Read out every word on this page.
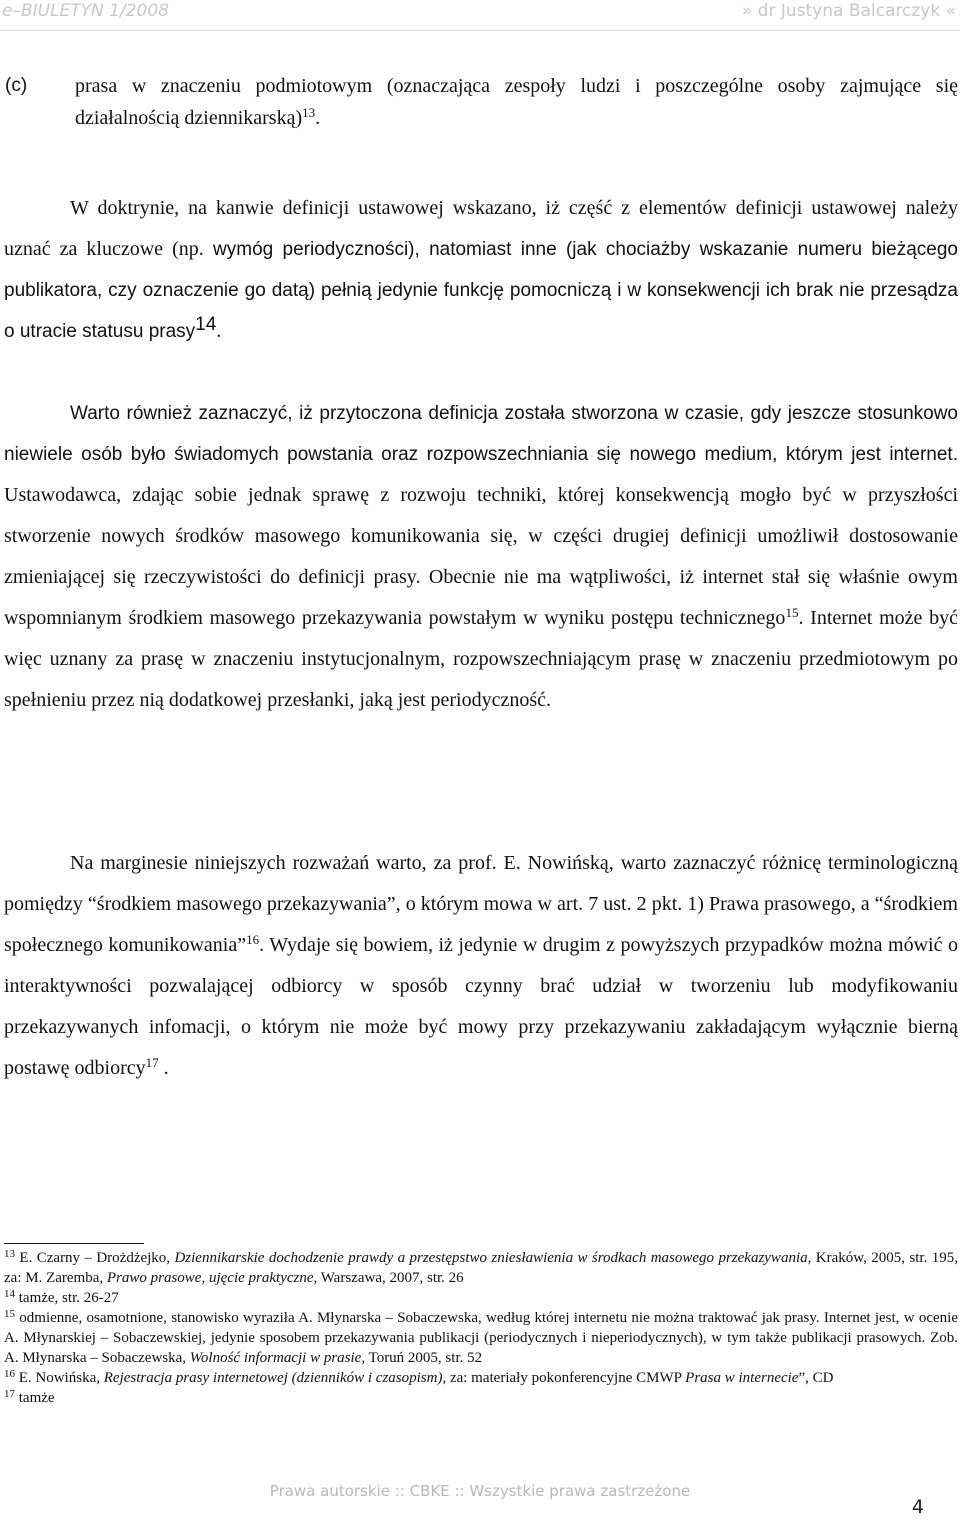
e–BIULETYN 1/2008	» dr Justyna Balcarczyk «
(c) prasa w znaczeniu podmiotowym (oznaczająca zespoły ludzi i poszczególne osoby zajmujące się działalnością dziennikarską)$^{13}$.
W doktrynie, na kanwie definicji ustawowej wskazano, iż część z elementów definicji ustawowej należy uznać za kluczowe (np. wymóg periodyczności), natomiast inne (jak chociażby wskazanie numeru bieżącego publikatora, czy oznaczenie go datą) pełnią jedynie funkcję pomocniczą i w konsekwencji ich brak nie przesądza o utracie statusu prasy$^{14}$.
Warto również zaznaczyć, iż przytoczona definicja została stworzona w czasie, gdy jeszcze stosunkowo niewiele osób było świadomych powstania oraz rozpowszechniania się nowego medium, którym jest internet. Ustawodawca, zdając sobie jednak sprawę z rozwoju techniki, której konsekwencją mogło być w przyszłości stworzenie nowych środków masowego komunikowania się, w części drugiej definicji umożliwił dostosowanie zmieniającej się rzeczywistości do definicji prasy. Obecnie nie ma wątpliwości, iż internet stał się właśnie owym wspomnianym środkiem masowego przekazywania powstałym w wyniku postępu technicznego$^{15}$. Internet może być więc uznany za prasę w znaczeniu instytucjonalnym, rozpowszechniającym prasę w znaczeniu przedmiotowym po spełnieniu przez nią dodatkowej przesłanki, jaką jest periodyczność.
Na marginesie niniejszych rozważań warto, za prof. E. Nowińską, warto zaznaczyć różnicę terminologiczną pomiędzy “środkiem masowego przekazywania”, o którym mowa w art. 7 ust. 2 pkt. 1) Prawa prasowego, a “środkiem społecznego komunikowania”$^{16}$. Wydaje się bowiem, iż jedynie w drugim z powyższych przypadków można mówić o interaktywności pozwalającej odbiorcy w sposób czynny brać udział w tworzeniu lub modyfikowaniu przekazywanych infomacji, o którym nie może być mowy przy przekazywaniu zakładającym wyłącznie bierną postawę odbiorcy$^{17}$ .
$^{13}$ E. Czarny – Drożdżejko, Dziennikarskie dochodzenie prawdy a przestępstwo zniesławienia w środkach masowego przekazywania, Kraków, 2005, str. 195, za: M. Zaremba, Prawo prasowe, ujęcie praktyczne, Warszawa, 2007, str. 26
$^{14}$ tamże, str. 26-27
$^{15}$ odmienne, osamotnione, stanowisko wyraziła A. Młynarska – Sobaczewska, według której internetu nie można traktować jak prasy. Internet jest, w ocenie A. Młynarskiej – Sobaczewskiej, jedynie sposobem przekazywania publikacji (periodycznych i nieperiodycznych), w tym także publikacji prasowych. Zob. A. Młynarska – Sobaczewska, Wolność informacji w prasie, Toruń 2005, str. 52
$^{16}$ E. Nowińska, Rejestracja prasy internetowej (dzienników i czasopism), za: materiały pokonferencyjne CMWP Prasa w internecie”, CD
$^{17}$ tamże
Prawa autorskie :: CBKE :: Wszystkie prawa zastrzeżone
4
